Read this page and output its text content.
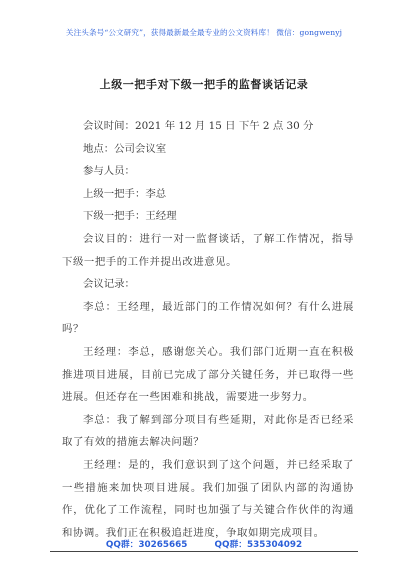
关注头条号“公文研究”，获得最新最全最专业的公文资料库！ 微信：gongwenyj
上级一把手对下级一把手的监督谈话记录
会议时间：2021 年 12 月 15 日 下午 2 点 30 分
地点：公司会议室
参与人员：
上级一把手：李总
下级一把手：王经理
会议目的：进行一对一监督谈话，了解工作情况，指导下级一把手的工作并提出改进意见。
会议记录：
李总：王经理，最近部门的工作情况如何？有什么进展吗？
王经理：李总，感谢您关心。我们部门近期一直在积极推进项目进展，目前已完成了部分关键任务，并已取得一些进展。但还存在一些困难和挑战，需要进一步努力。
李总：我了解到部分项目有些延期，对此你是否已经采取了有效的措施去解决问题？
王经理：是的，我们意识到了这个问题，并已经采取了一些措施来加快项目进展。我们加强了团队内部的沟通协作，优化了工作流程，同时也加强了与关键合作伙伴的沟通和协调。我们正在积极追赶进度，争取如期完成项目。
QQ群：30265665	QQ群：535304092
